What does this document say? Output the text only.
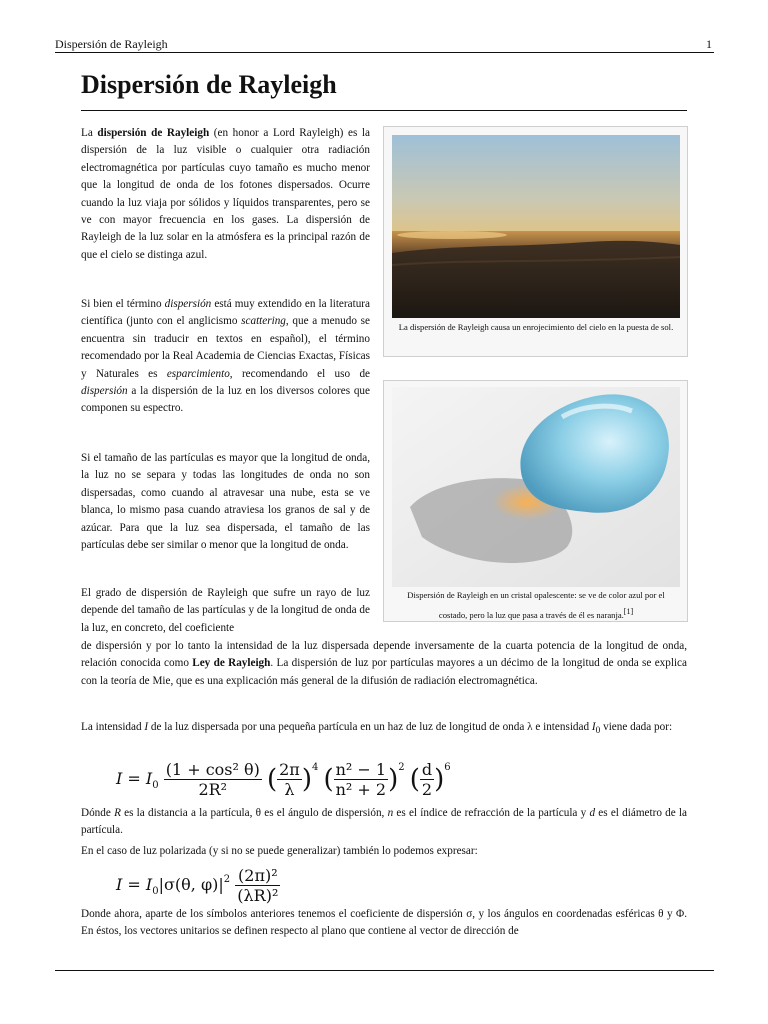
Dispersión de Rayleigh	1
Dispersión de Rayleigh

La dispersión de Rayleigh (en honor a Lord Rayleigh) es la dispersión de la luz visible o cualquier otra radiación electromagnética por partículas cuyo tamaño es mucho menor que la longitud de onda de los fotones dispersados. Ocurre cuando la luz viaja por sólidos y líquidos transparentes, pero se ve con mayor frecuencia en los gases. La dispersión de Rayleigh de la luz solar en la atmósfera es la principal razón de que el cielo se distinga azul.

Si bien el término dispersión está muy extendido en la literatura científica (junto con el anglicismo scattering, que a menudo se encuentra sin traducir en textos en español), el término recomendado por la Real Academia de Ciencias Exactas, Físicas y Naturales es esparcimiento, recomendando el uso de dispersión a la dispersión de la luz en los diversos colores que componen su espectro.

Si el tamaño de las partículas es mayor que la longitud de onda, la luz no se separa y todas las longitudes de onda no son dispersadas, como cuando al atravesar una nube, esta se ve blanca, lo mismo pasa cuando atraviesa los granos de sal y de azúcar. Para que la luz sea dispersada, el tamaño de las partículas debe ser similar o menor que la longitud de onda.

El grado de dispersión de Rayleigh que sufre un rayo de luz depende del tamaño de las partículas y de la longitud de onda de la luz, en concreto, del coeficiente

de dispersión y por lo tanto la intensidad de la luz dispersada depende inversamente de la cuarta potencia de la longitud de onda, relación conocida como Ley de Rayleigh. La dispersión de luz por partículas mayores a un décimo de la longitud de onda se explica con la teoría de Mie, que es una explicación más general de la difusión de radiación electromagnética.

La intensidad I de la luz dispersada por una pequeña partícula en un haz de luz de longitud de onda λ e intensidad $I_0$ viene dada por:

$I = I_0 \frac{\text{(1 + cos² θ)}}{\text{2R²}}$ ( $\frac{2\pi}{\lambda} )^4$ ( $\frac{\text{n² − 1}}{\text{n² + 2}} )^2$ ( $\frac{d}{2} )^6$

Dónde R es la distancia a la partícula, θ es el ángulo de dispersión, n es el índice de refracción de la partícula y d es el diámetro de la partícula.

En el caso de luz polarizada (y si no se puede generalizar) también lo podemos expresar:

$I = I_0|\sigma(\theta$, $\varphi)|^2 \frac{\text{(2π)²}}{\text{(λR)²}}$

Donde ahora, aparte de los símbolos anteriores tenemos el coeficiente de dispersión σ, y los ángulos en coordenadas esféricas θ y Φ. En éstos, los vectores unitarios se definen respecto al plano que contiene al vector de dirección de

La dispersión de Rayleigh causa un enrojecimiento del cielo en la puesta de sol.
Dispersión de Rayleigh en un cristal opalescente: se ve de color azul por el costado, pero la luz que pasa a través de él es naranja.[1]
